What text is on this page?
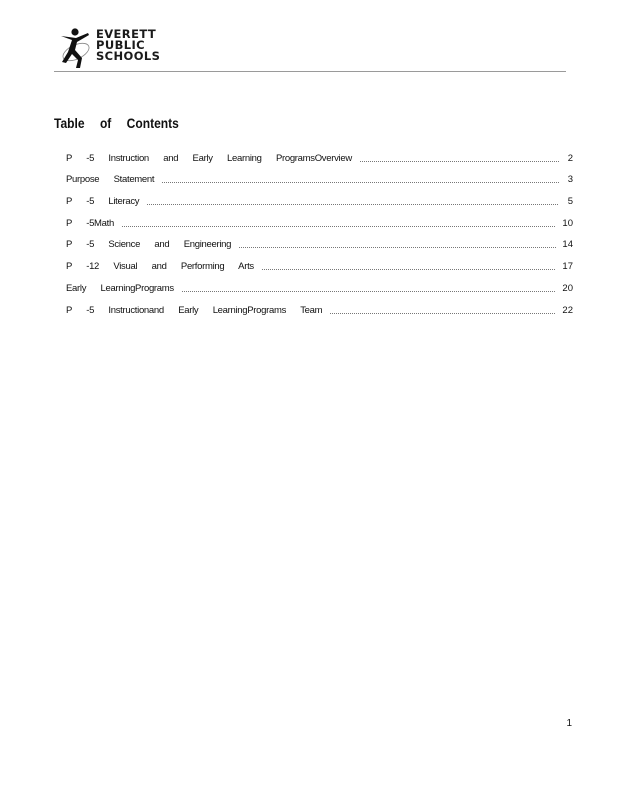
EVERETT
PUBLIC
SCHOOLS
Table of Contents
P -5 Instruction and Early Learning ProgramsOverview	2
Purpose Statement	3
P -5 Literacy	5
P -5Math	10
P -5 Science and Engineering	14
P -12 Visual and Performing Arts	17
Early LearningPrograms	20
P -5 Instructionand Early LearningPrograms Team	22
1
